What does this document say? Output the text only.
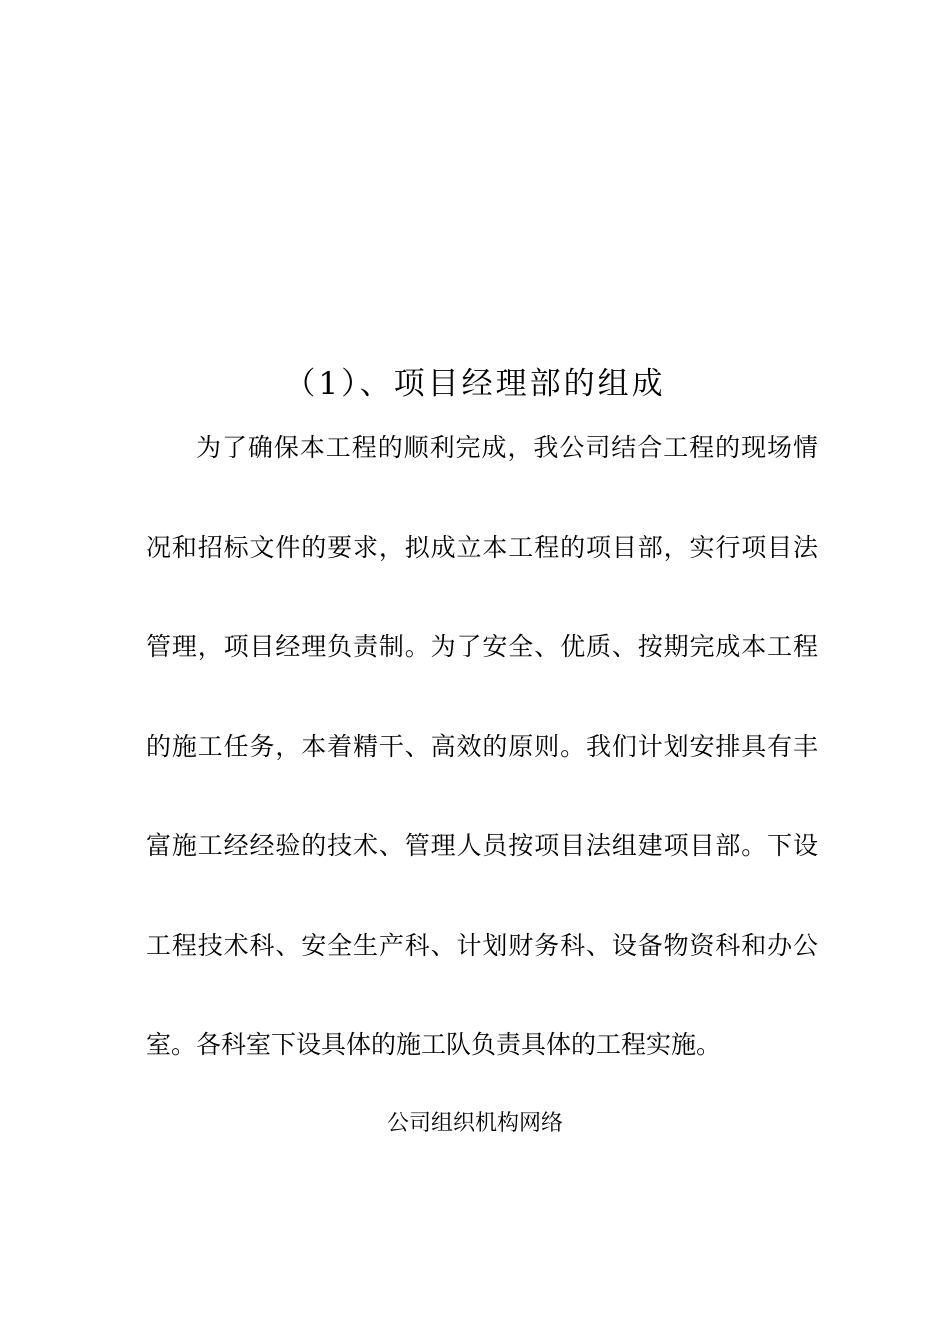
（1）、项目经理部的组成
为了确保本工程的顺利完成，我公司结合工程的现场情
况和招标文件的要求，拟成立本工程的项目部，实行项目法
管理，项目经理负责制。为了安全、优质、按期完成本工程
的施工任务，本着精干、高效的原则。我们计划安排具有丰
富施工经经验的技术、管理人员按项目法组建项目部。下设
工程技术科、安全生产科、计划财务科、设备物资科和办公
室。各科室下设具体的施工队负责具体的工程实施。
公司组织机构网络
